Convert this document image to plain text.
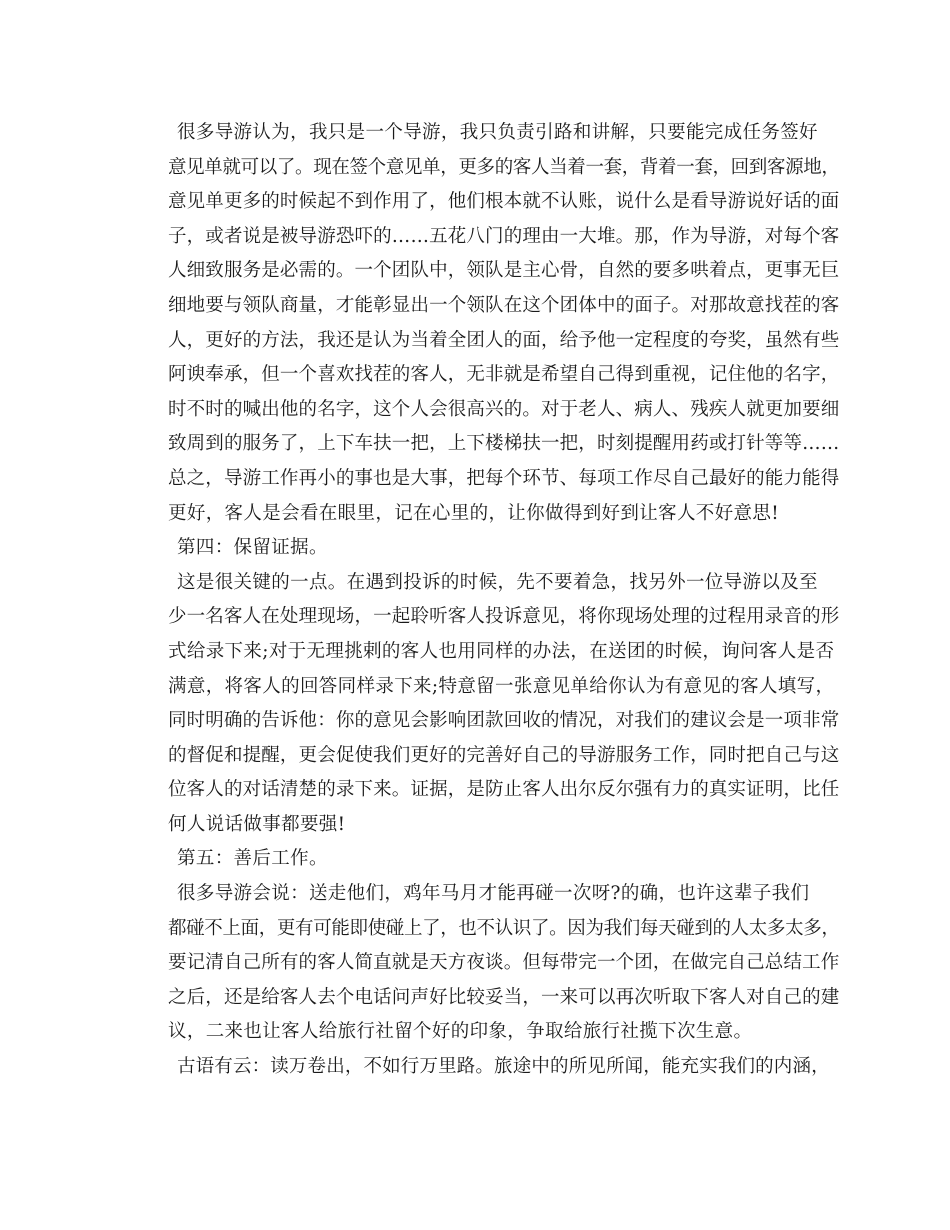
很多导游认为，我只是一个导游，我只负责引路和讲解，只要能完成任务签好
意见单就可以了。现在签个意见单，更多的客人当着一套，背着一套，回到客源地，
意见单更多的时候起不到作用了，他们根本就不认账，说什么是看导游说好话的面
子，或者说是被导游恐吓的……五花八门的理由一大堆。那，作为导游，对每个客
人细致服务是必需的。一个团队中，领队是主心骨，自然的要多哄着点，更事无巨
细地要与领队商量，才能彰显出一个领队在这个团体中的面子。对那故意找茬的客
人，更好的方法，我还是认为当着全团人的面，给予他一定程度的夸奖，虽然有些
阿谀奉承，但一个喜欢找茬的客人，无非就是希望自己得到重视，记住他的名字，
时不时的喊出他的名字，这个人会很高兴的。对于老人、病人、残疾人就更加要细
致周到的服务了，上下车扶一把，上下楼梯扶一把，时刻提醒用药或打针等等……
总之，导游工作再小的事也是大事，把每个环节、每项工作尽自己最好的能力能得
更好，客人是会看在眼里，记在心里的，让你做得到好到让客人不好意思!
第四：保留证据。
这是很关键的一点。在遇到投诉的时候，先不要着急，找另外一位导游以及至
少一名客人在处理现场，一起聆听客人投诉意见，将你现场处理的过程用录音的形
式给录下来;对于无理挑剌的客人也用同样的办法，在送团的时候，询问客人是否
满意，将客人的回答同样录下来;特意留一张意见单给你认为有意见的客人填写，
同时明确的告诉他：你的意见会影响团款回收的情况，对我们的建议会是一项非常
的督促和提醒，更会促使我们更好的完善好自己的导游服务工作，同时把自己与这
位客人的对话清楚的录下来。证据，是防止客人出尔反尔强有力的真实证明，比任
何人说话做事都要强!
第五：善后工作。
很多导游会说：送走他们，鸡年马月才能再碰一次呀?的确，也许这辈子我们
都碰不上面，更有可能即使碰上了，也不认识了。因为我们每天碰到的人太多太多，
要记清自己所有的客人简直就是天方夜谈。但每带完一个团，在做完自己总结工作
之后，还是给客人去个电话问声好比较妥当，一来可以再次听取下客人对自己的建
议，二来也让客人给旅行社留个好的印象，争取给旅行社揽下次生意。
古语有云：读万卷出，不如行万里路。旅途中的所见所闻，能充实我们的内涵，
